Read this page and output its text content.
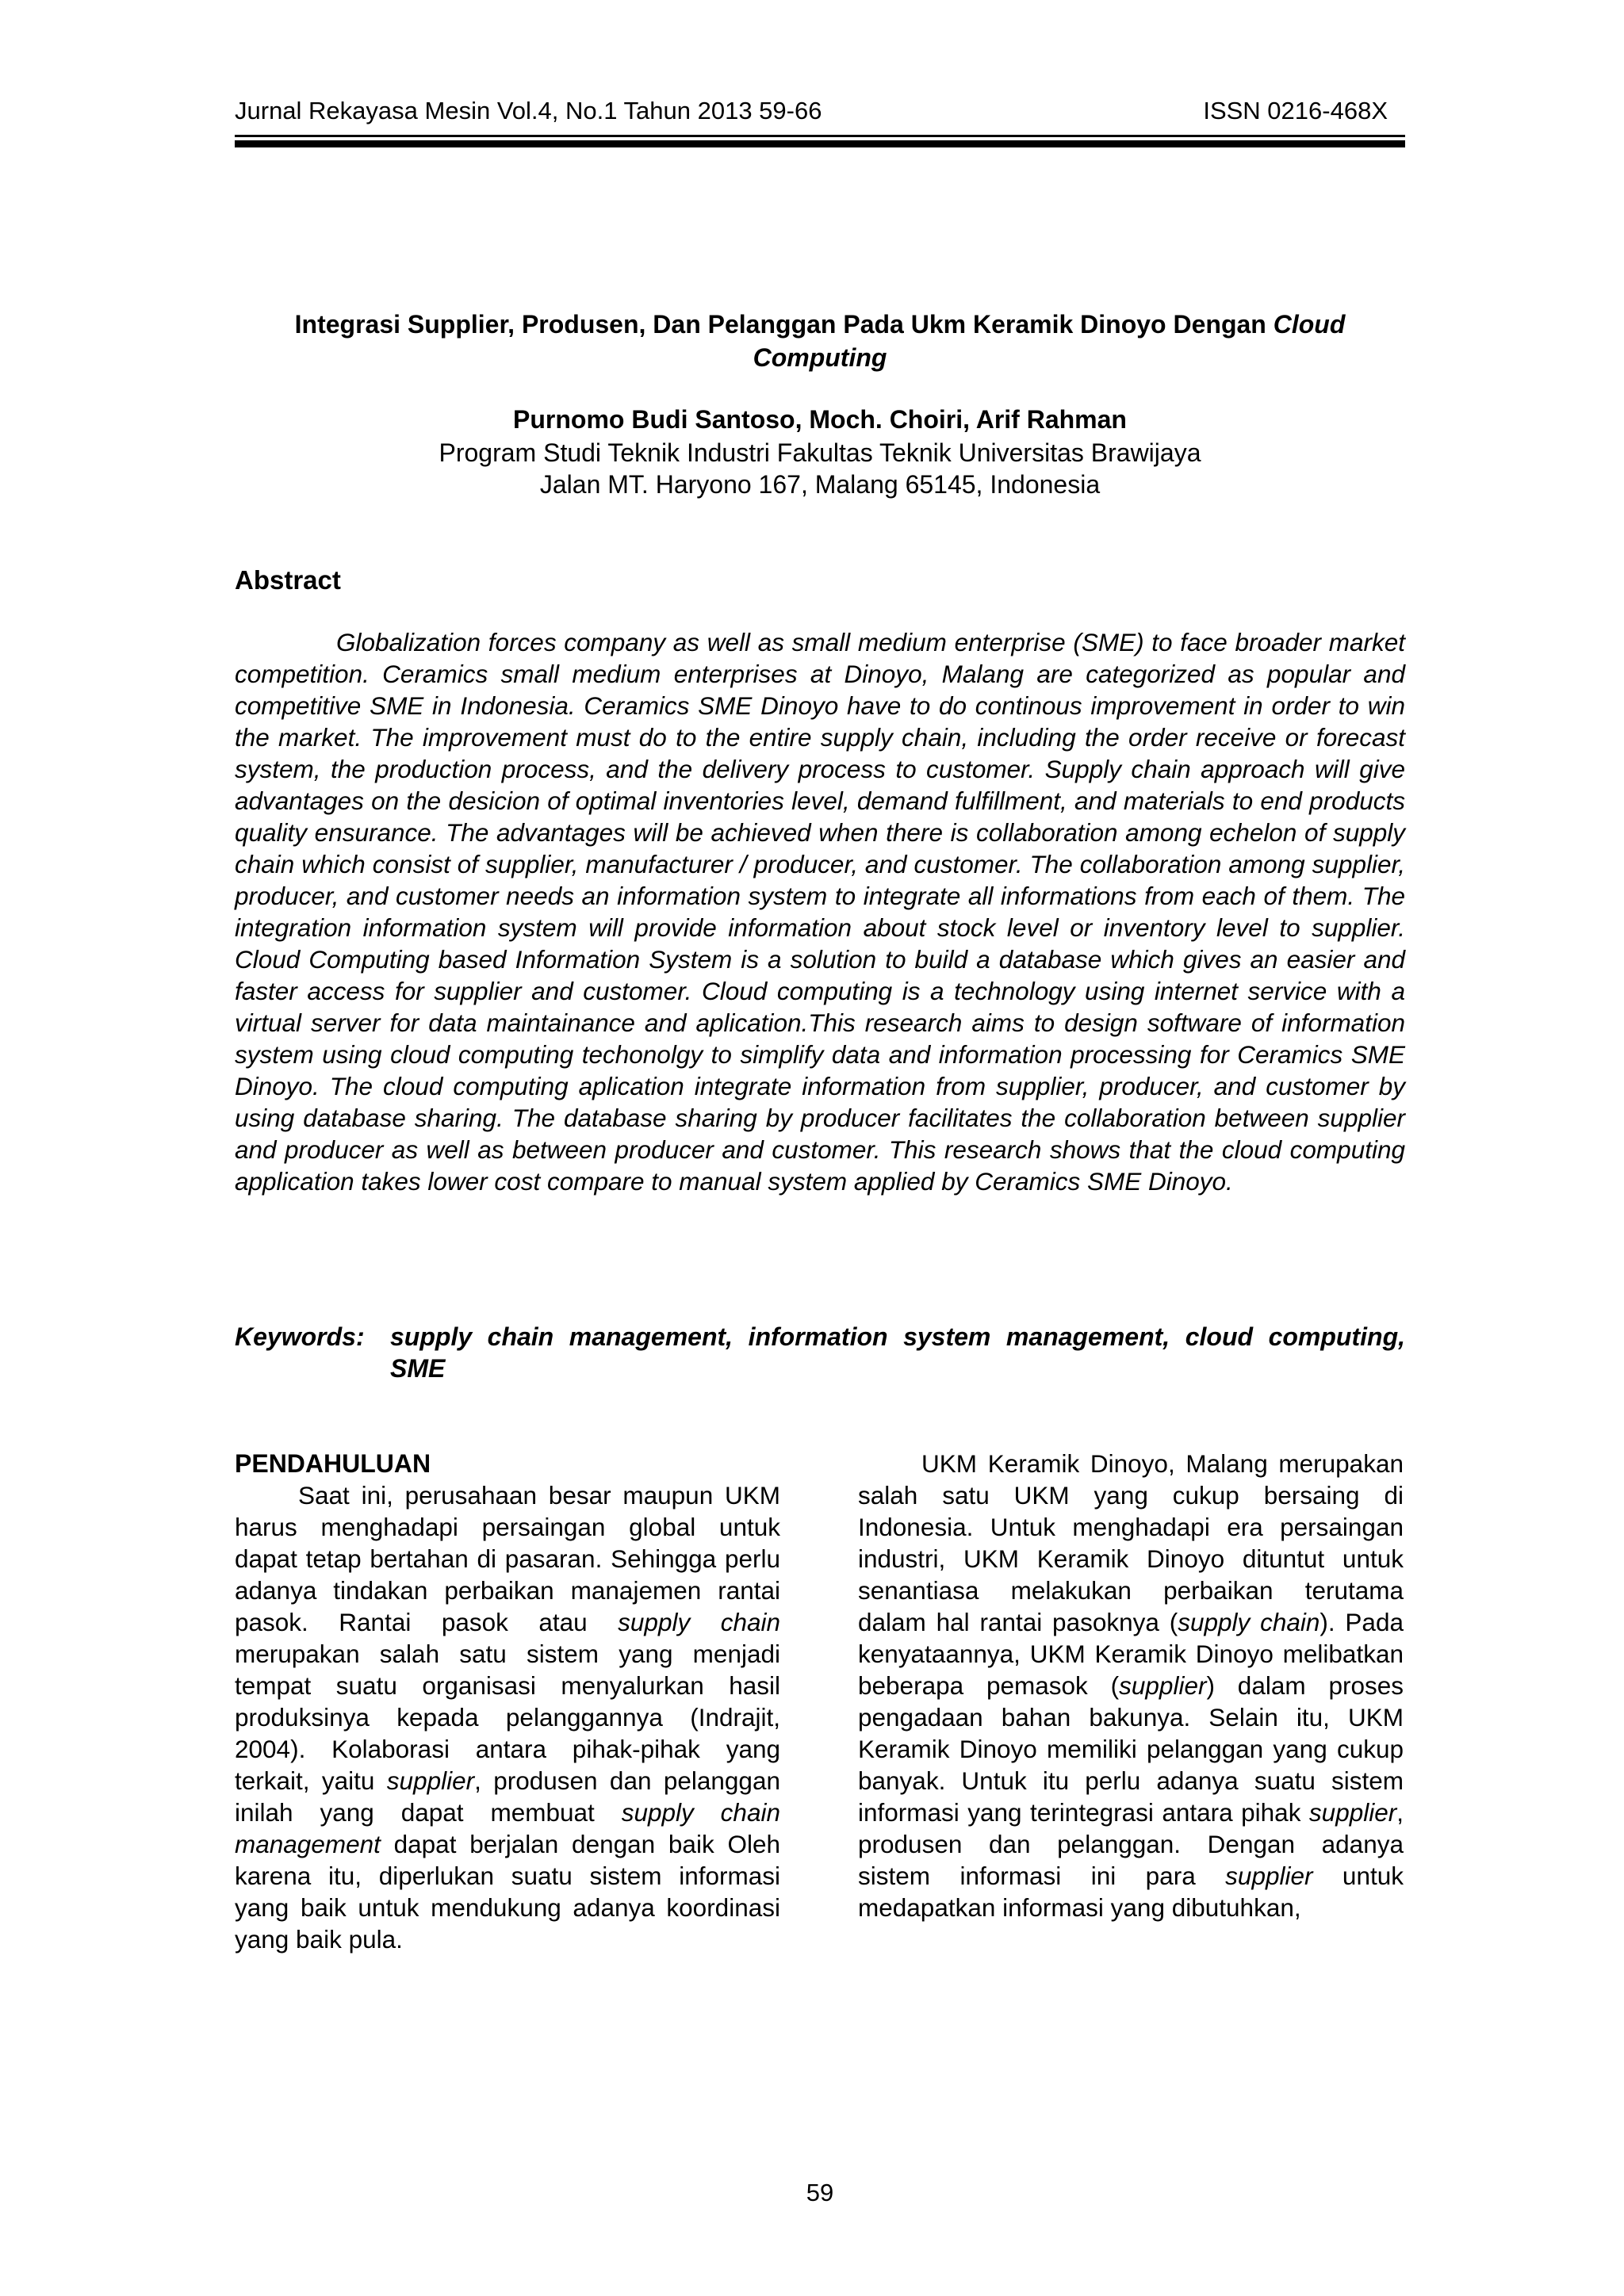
Jurnal Rekayasa Mesin Vol.4, No.1 Tahun 2013 59-66	ISSN 0216-468X
Integrasi Supplier, Produsen, Dan Pelanggan Pada Ukm Keramik Dinoyo Dengan Cloud Computing
Purnomo Budi Santoso, Moch. Choiri, Arif Rahman
Program Studi Teknik Industri Fakultas Teknik Universitas Brawijaya
Jalan MT. Haryono 167, Malang 65145, Indonesia
Abstract

Globalization forces company as well as small medium enterprise (SME) to face broader market competition. Ceramics small medium enterprises at Dinoyo, Malang are categorized as popular and competitive SME in Indonesia. Ceramics SME Dinoyo have to do continous improvement in order to win the market. The improvement must do to the entire supply chain, including the order receive or forecast system, the production process, and the delivery process to customer. Supply chain approach will give advantages on the desicion of optimal inventories level, demand fulfillment, and materials to end products quality ensurance. The advantages will be achieved when there is collaboration among echelon of supply chain which consist of supplier, manufacturer / producer, and customer. The collaboration among supplier, producer, and customer needs an information system to integrate all informations from each of them. The integration information system will provide information about stock level or inventory level to supplier. Cloud Computing based Information System is a solution to build a database which gives an easier and faster access for supplier and customer. Cloud computing is a technology using internet service with a virtual server for data maintainance and aplication.This research aims to design software of information system using cloud computing techonolgy to simplify data and information processing for Ceramics SME Dinoyo. The cloud computing aplication integrate information from supplier, producer, and customer by using database sharing. The database sharing by producer facilitates the collaboration between supplier and producer as well as between producer and customer. This research shows that the cloud computing application takes lower cost compare to manual system applied by Ceramics SME Dinoyo.

Keywords:	supply chain management, information system management, cloud computing, SME

PENDAHULUAN

Saat ini, perusahaan besar maupun UKM harus menghadapi persaingan global untuk dapat tetap bertahan di pasaran. Sehingga perlu adanya tindakan perbaikan manajemen rantai pasok. Rantai pasok atau supply chain merupakan salah satu sistem yang menjadi tempat suatu organisasi menyalurkan hasil produksinya kepada pelanggannya (Indrajit, 2004). Kolaborasi antara pihak-pihak yang terkait, yaitu supplier, produsen dan pelanggan inilah yang dapat membuat supply chain management dapat berjalan dengan baik Oleh karena itu, diperlukan suatu sistem informasi yang baik untuk mendukung adanya koordinasi yang baik pula.

UKM Keramik Dinoyo, Malang merupakan salah satu UKM yang cukup bersaing di Indonesia. Untuk menghadapi era persaingan industri, UKM Keramik Dinoyo dituntut untuk senantiasa melakukan perbaikan terutama dalam hal rantai pasoknya (supply chain). Pada kenyataannya, UKM Keramik Dinoyo melibatkan beberapa pemasok (supplier) dalam proses pengadaan bahan bakunya. Selain itu, UKM Keramik Dinoyo memiliki pelanggan yang cukup banyak. Untuk itu perlu adanya suatu sistem informasi yang terintegrasi antara pihak supplier, produsen dan pelanggan. Dengan adanya sistem informasi ini para supplier untuk medapatkan informasi yang dibutuhkan,

59
